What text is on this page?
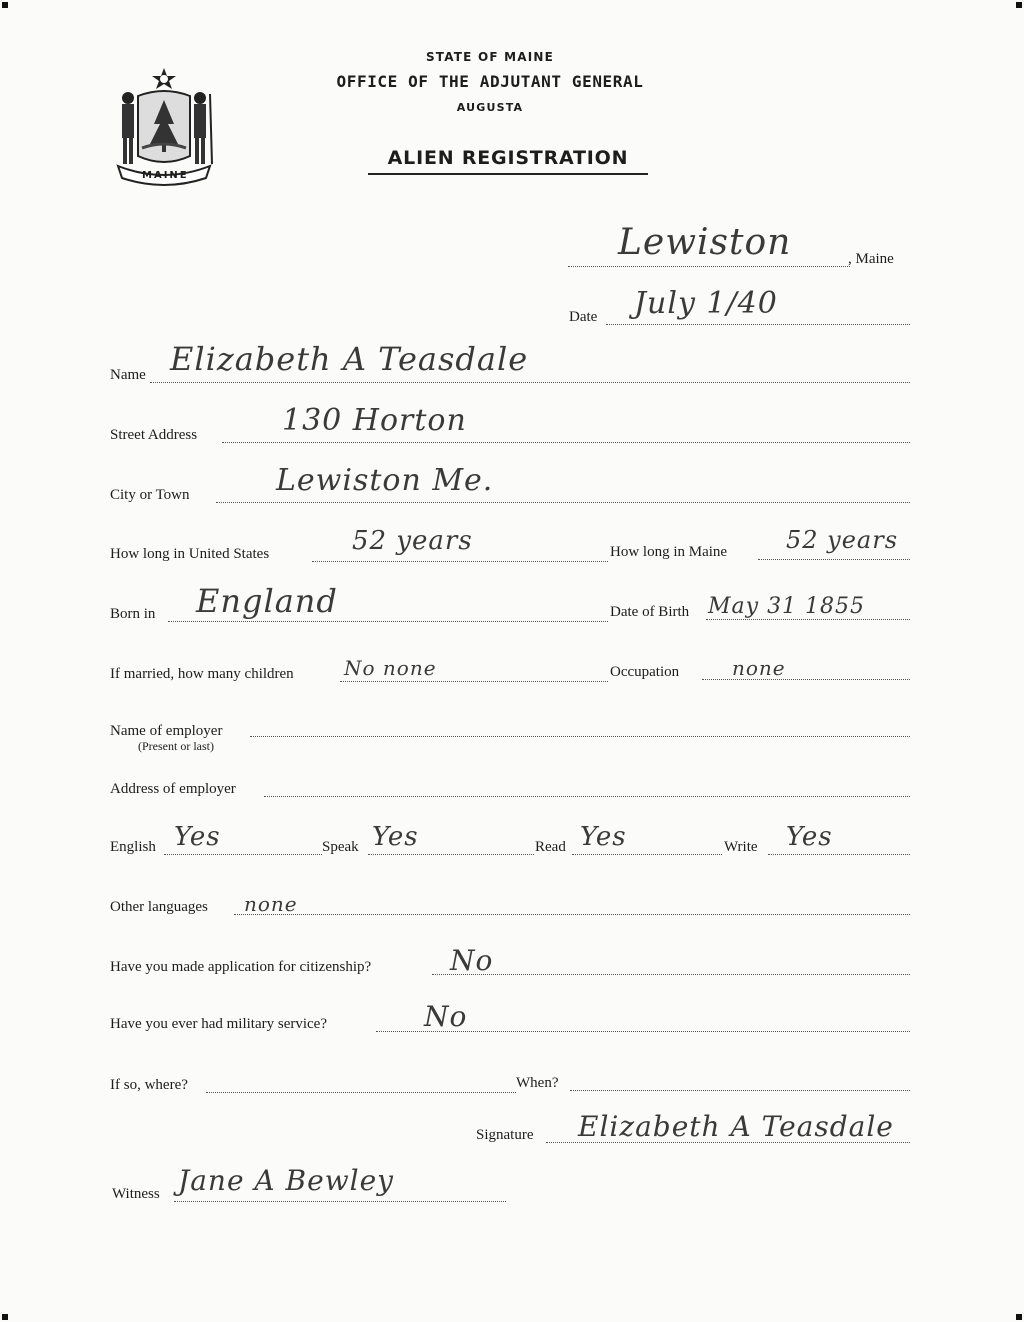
MAINE
STATE OF MAINE
OFFICE OF THE ADJUTANT GENERAL
AUGUSTA
ALIEN REGISTRATION
Lewiston	, Maine
Date July 1/40
Name Elizabeth A Teasdale
Street Address	130 Horton
City or Town	Lewiston Me.
How long in United States	52 years	How long in Maine 52 years
Born in England	Date of Birth May 31 1855
If married, how many children	No none	Occupation	none
Name of employer
(Present or last)
Address of employer
English Yes	Speak Yes	Read Yes	Write Yes
Other languages none
Have you made application for citizenship?	No
Have you ever had military service?	No
If so, where?	When?
Signature Elizabeth A Teasdale
Witness Jane A Bewley
